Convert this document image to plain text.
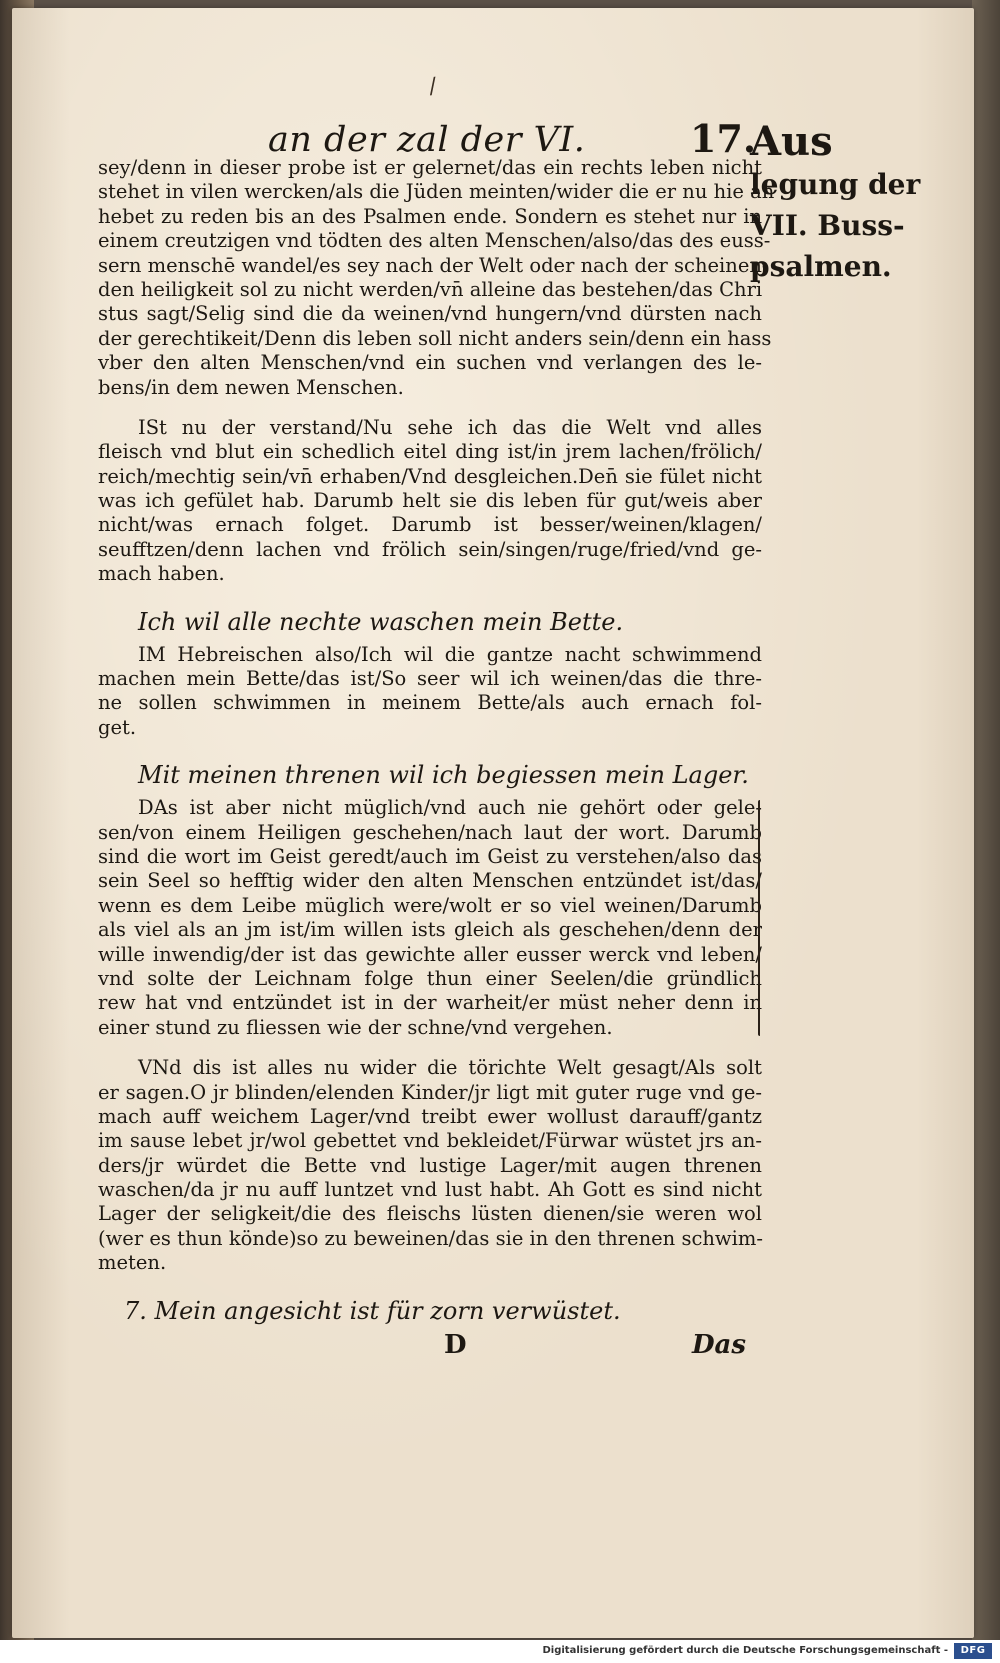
/
an der zal der VI.	17.
Aus
legung der
VII. Buss-
psalmen.
sey/denn in dieser probe ist er gelernet/das ein rechts leben nicht
stehet in vilen wercken/als die Jüden meinten/wider die er nu hie an
hebet zu reden bis an des Psalmen ende. Sondern es stehet nur in
einem creutzigen vnd tödten des alten Menschen/also/das des euss-
sern menschē wandel/es sey nach der Welt oder nach der scheinen-
den heiligkeit sol zu nicht werden/vn̄ alleine das bestehen/das Chri
stus sagt/Selig sind die da weinen/vnd hungern/vnd dürsten nach
der gerechtikeit/Denn dis leben soll nicht anders sein/denn ein hass
vber den alten Menschen/vnd ein suchen vnd verlangen des le-
bens/in dem newen Menschen.
ISt nu der verstand/Nu sehe ich das die Welt vnd alles
fleisch vnd blut ein schedlich eitel ding ist/in jrem lachen/frölich/
reich/mechtig sein/vn̄ erhaben/Vnd desgleichen.Den̄ sie fület nicht
was ich gefület hab. Darumb helt sie dis leben für gut/weis aber
nicht/was ernach folget. Darumb ist besser/weinen/klagen/
seufftzen/denn lachen vnd frölich sein/singen/ruge/fried/vnd ge-
mach haben.
Ich wil alle nechte waschen mein Bette.
IM Hebreischen also/Ich wil die gantze nacht schwimmend
machen mein Bette/das ist/So seer wil ich weinen/das die thre-
ne sollen schwimmen in meinem Bette/als auch ernach fol-
get.
Mit meinen threnen wil ich begiessen mein Lager.
DAs ist aber nicht müglich/vnd auch nie gehört oder gele-
sen/von einem Heiligen geschehen/nach laut der wort. Darumb
sind die wort im Geist geredt/auch im Geist zu verstehen/also das
sein Seel so hefftig wider den alten Menschen entzündet ist/das/
wenn es dem Leibe müglich were/wolt er so viel weinen/Darumb
als viel als an jm ist/im willen ists gleich als geschehen/denn der
wille inwendig/der ist das gewichte aller eusser werck vnd leben/
vnd solte der Leichnam folge thun einer Seelen/die gründlich
rew hat vnd entzündet ist in der warheit/er müst neher denn in
einer stund zu fliessen wie der schne/vnd vergehen.
VNd dis ist alles nu wider die törichte Welt gesagt/Als solt
er sagen.O jr blinden/elenden Kinder/jr ligt mit guter ruge vnd ge-
mach auff weichem Lager/vnd treibt ewer wollust darauff/gantz
im sause lebet jr/wol gebettet vnd bekleidet/Fürwar wüstet jrs an-
ders/jr würdet die Bette vnd lustige Lager/mit augen threnen
waschen/da jr nu auff luntzet vnd lust habt. Ah Gott es sind nicht
Lager der seligkeit/die des fleischs lüsten dienen/sie weren wol
(wer es thun könde)so zu beweinen/das sie in den threnen schwim-
meten.
7. Mein angesicht ist für zorn verwüstet.
D	Das
Digitalisierung gefördert durch die Deutsche Forschungsgemeinschaft -	DFG
